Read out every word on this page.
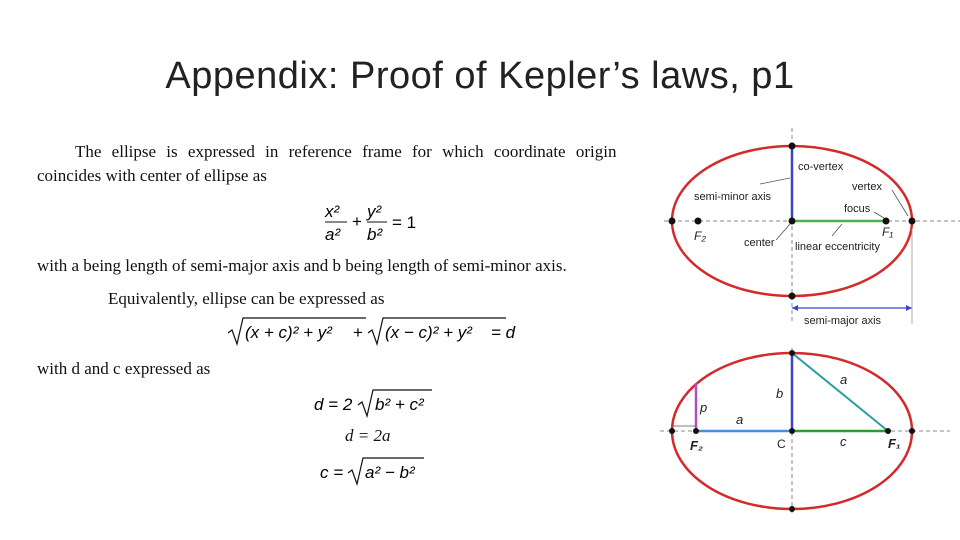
Appendix: Proof of Kepler’s laws, p1
The ellipse is expressed in reference frame for which coordinate origin
coincides with center of ellipse as
x²
a²
+
y²
b²
= 1
with a being length of semi-major axis and b being length of semi-minor axis.
Equivalently, ellipse can be expressed as
(x + c)² + y² + (x − c)² + y² = d
with d and c expressed as
d = 2 b² + c²
d = 2a
c = a² − b²
co-vertex
vertex
semi-minor axis
focus
F₂	F₁
center linear eccentricity
semi-major axis
p
a
b
a
F₂	C	c	F₁
